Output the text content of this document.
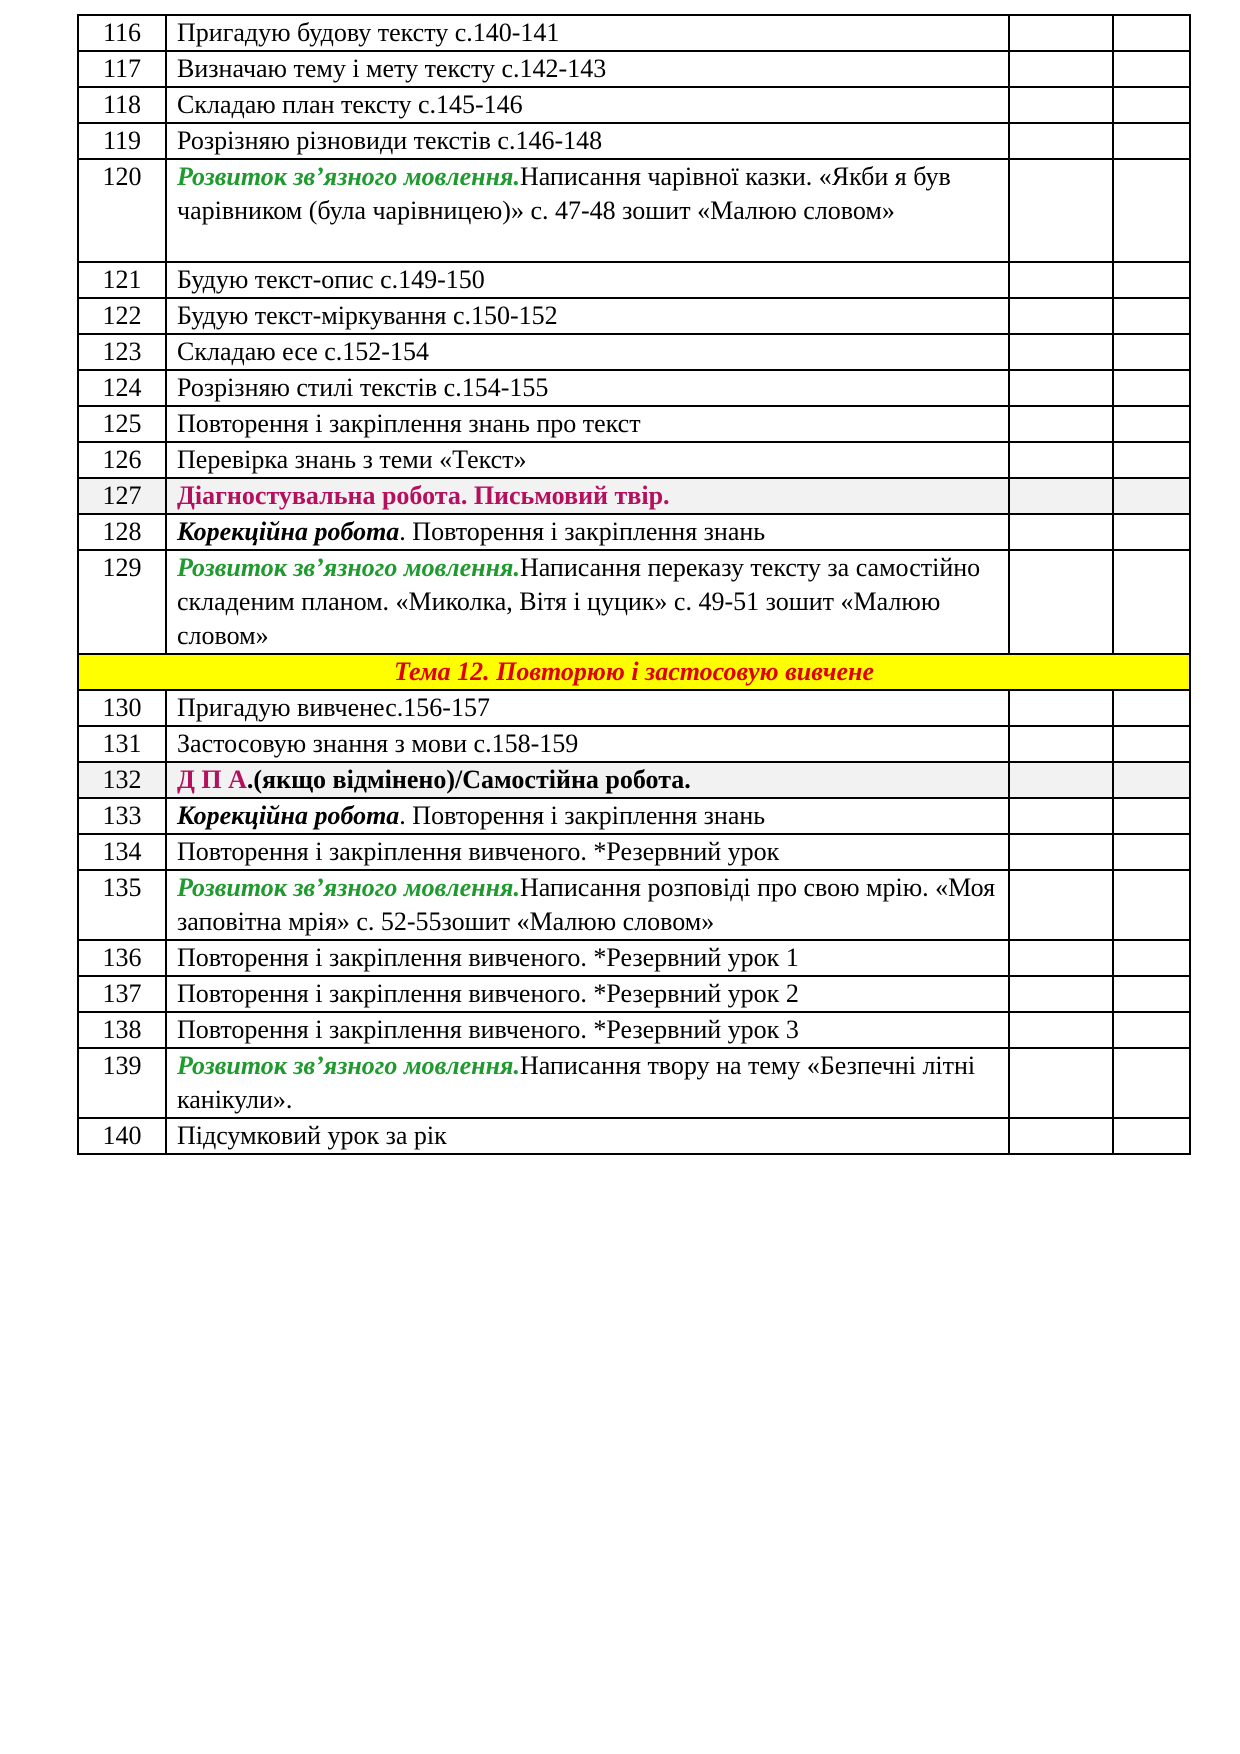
116	Пригадую будову тексту с.140-141		
117	Визначаю тему і мету тексту с.142-143		
118	Складаю план тексту с.145-146		
119	Розрізняю різновиди текстів с.146-148		
120	Розвиток зв’язного мовлення.Написання чарівної казки. «Якби я був чарівником (була чарівницею)» с. 47-48 зошит «Малюю словом»		
121	Будую текст-опис с.149-150		
122	Будую текст-міркування с.150-152		
123	Складаю есе с.152-154		
124	Розрізняю стилі текстів с.154-155		
125	Повторення і закріплення знань про текст		
126	Перевірка знань з теми «Текст»		
127	Діагностувальна робота. Письмовий твір.		
128	Корекційна робота. Повторення і закріплення знань		
129	Розвиток зв’язного мовлення.Написання переказу тексту за самостійно складеним планом. «Миколка, Вітя і цуцик» с. 49-51 зошит «Малюю словом»		
Тема 12. Повторюю і застосовую вивчене			
130	Пригадую вивченес.156-157		
131	Застосовую знання з мови с.158-159		
132	Д П А.(якщо відмінено)/Самостійна робота.		
133	Корекційна робота. Повторення і закріплення знань		
134	Повторення і закріплення вивченого. *Резервний урок		
135	Розвиток зв’язного мовлення.Написання розповіді про свою мрію. «Моя заповітна мрія» с. 52-55зошит «Малюю словом»		
136	Повторення і закріплення вивченого. *Резервний урок 1		
137	Повторення і закріплення вивченого. *Резервний урок 2		
138	Повторення і закріплення вивченого. *Резервний урок 3		
139	Розвиток зв’язного мовлення.Написання твору на тему «Безпечні літні канікули».		
140	Підсумковий урок за рік		
